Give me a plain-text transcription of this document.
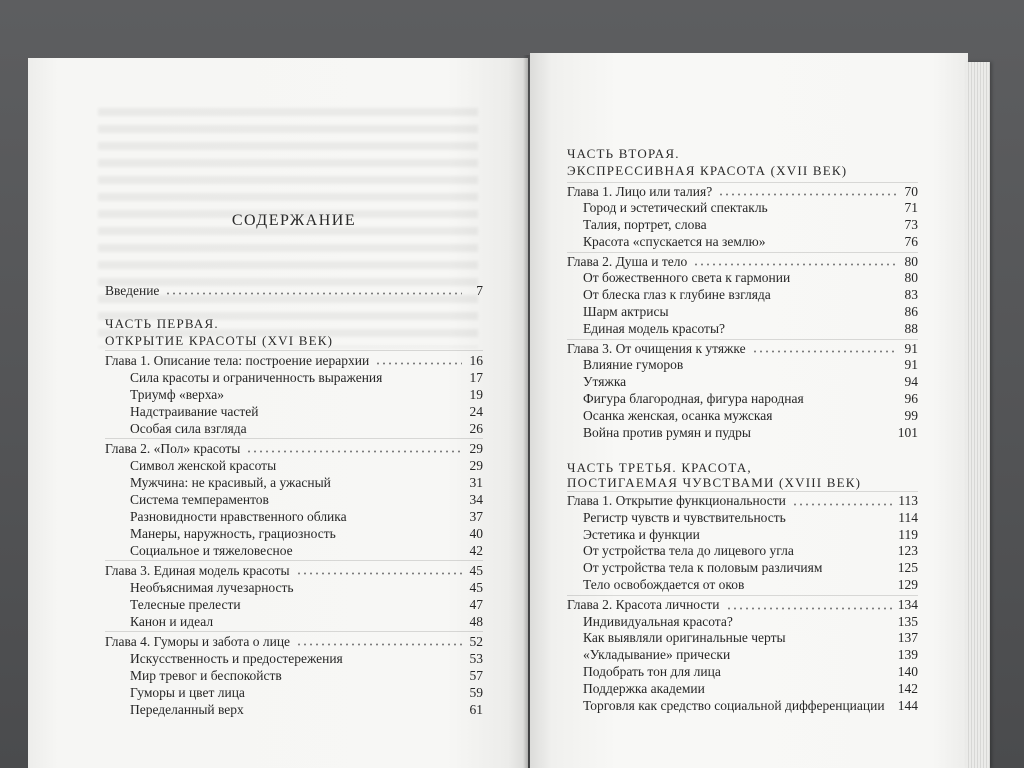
СОДЕРЖАНИЕ
Введение	7
ЧАСТЬ ПЕРВАЯ.
ОТКРЫТИЕ КРАСОТЫ (XVI ВЕК)
Глава 1. Описание тела: построение иерархии	16
Сила красоты и ограниченность выражения	17
Триумф «верха»	19
Надстраивание частей	24
Особая сила взгляда	26
Глава 2. «Пол» красоты	29
Символ женской красоты	29
Мужчина: не красивый, а ужасный	31
Система темпераментов	34
Разновидности нравственного облика	37
Манеры, наружность, грациозность	40
Социальное и тяжеловесное	42
Глава 3. Единая модель красоты	45
Необъяснимая лучезарность	45
Телесные прелести	47
Канон и идеал	48
Глава 4. Гуморы и забота о лице	52
Искусственность и предостережения	53
Мир тревог и беспокойств	57
Гуморы и цвет лица	59
Переделанный верх	61
ЧАСТЬ ВТОРАЯ.
ЭКСПРЕССИВНАЯ КРАСОТА (XVII ВЕК)
Глава 1. Лицо или талия?	70
Город и эстетический спектакль	71
Талия, портрет, слова	73
Красота «спускается на землю»	76
Глава 2. Душа и тело	80
От божественного света к гармонии	80
От блеска глаз к глубине взгляда	83
Шарм актрисы	86
Единая модель красоты?	88
Глава 3. От очищения к утяжке	91
Влияние гуморов	91
Утяжка	94
Фигура благородная, фигура народная	96
Осанка женская, осанка мужская	99
Война против румян и пудры	101
ЧАСТЬ ТРЕТЬЯ. КРАСОТА,
ПОСТИГАЕМАЯ ЧУВСТВАМИ (XVIII ВЕК)
Глава 1. Открытие функциональности	113
Регистр чувств и чувствительность	114
Эстетика и функции	119
От устройства тела до лицевого угла	123
От устройства тела к половым различиям	125
Тело освобождается от оков	129
Глава 2. Красота личности	134
Индивидуальная красота?	135
Как выявляли оригинальные черты	137
«Укладывание» прически	139
Подобрать тон для лица	140
Поддержка академии	142
Торговля как средство социальной дифференциации 144
